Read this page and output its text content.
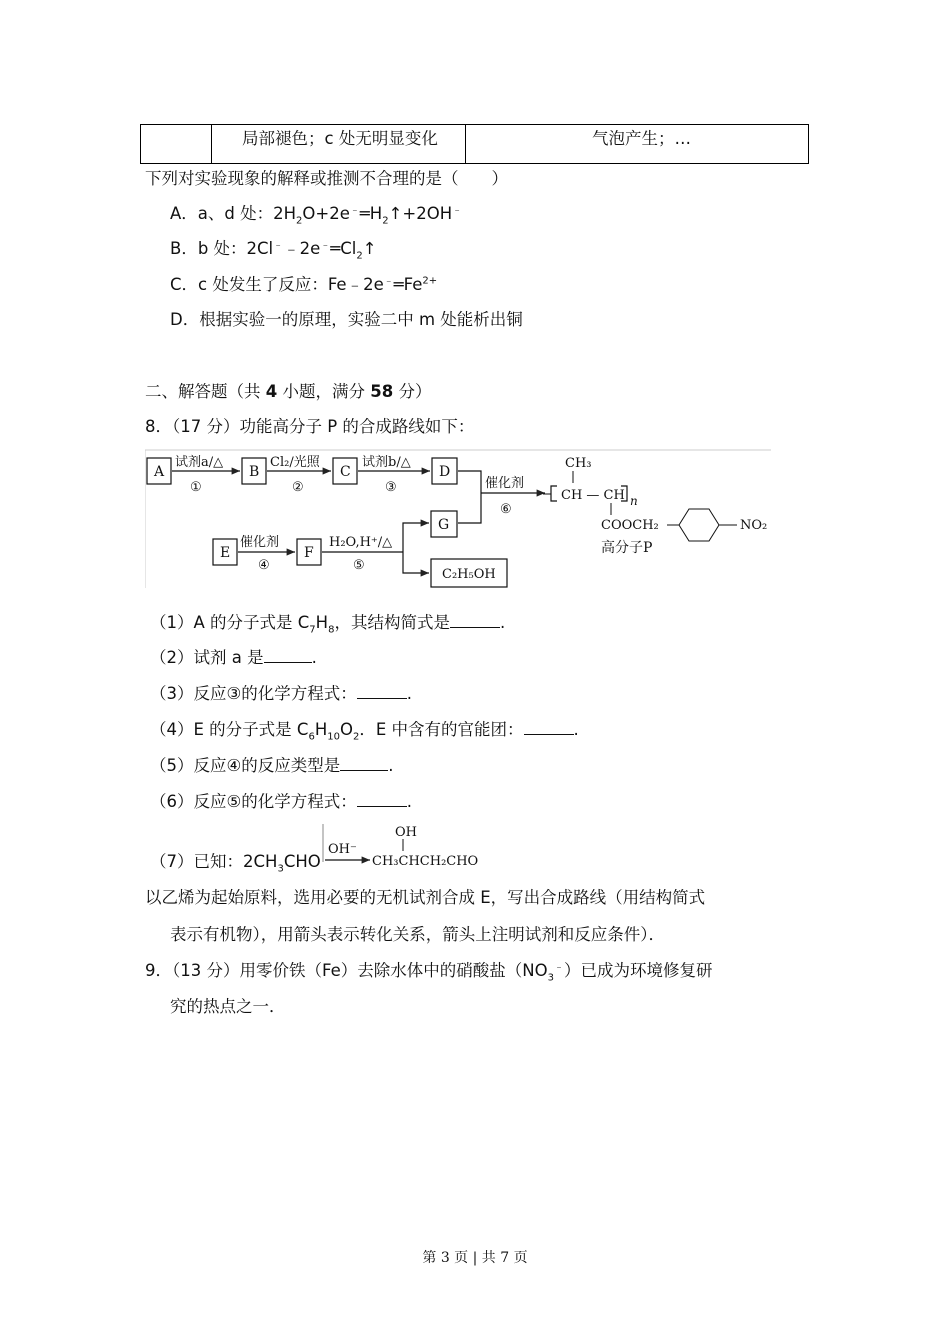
局部褪色；c 处无明显变化	气泡产生；…
下列对实验现象的解释或推测不合理的是（　　）
A．a、d 处：$2H_2O+2e^﹣═H_2↑+2OH^﹣$
B．b 处：$2Cl^﹣﹣2e^﹣═Cl_2↑$
C．c 处发生了反应：$Fe﹣2e^﹣═Fe^{2+}$
D．根据实验一的原理，实验二中 m 处能析出铜
二、解答题（共 4 小题，满分 58 分）
8．（17 分）功能高分子 P 的合成路线如下：
A	B	C	D
E	F
G
C₂H₅OH
试剂a/△
①
Cl₂/光照
②
试剂b/△
③
催化剂
④
H₂O,H⁺/△
⑤
催化剂
⑥
CH₃
CH — CH n
COOCH₂	NO₂
高分子P
（1）A 的分子式是 $C_7H_8$，其结构简式是	.
（2）试剂 a 是	.
（3）反应③的化学方程式：	.
（4）E 的分子式是 $C_6H_{10}O_2$．E 中含有的官能团：	.
（5）反应④的反应类型是	.
（6）反应⑤的化学方程式：	.
（7）已知：$2CH_3CHO$
OH⁻
OH
CH₃CHCH₂CHO
以乙烯为起始原料，选用必要的无机试剂合成 E，写出合成路线（用结构简式
表示有机物），用箭头表示转化关系，箭头上注明试剂和反应条件）．
9．（13 分）用零价铁（Fe）去除水体中的硝酸盐$(NO_3^﹣)$已成为环境修复研
究的热点之一．
第 3 页 | 共 7 页
